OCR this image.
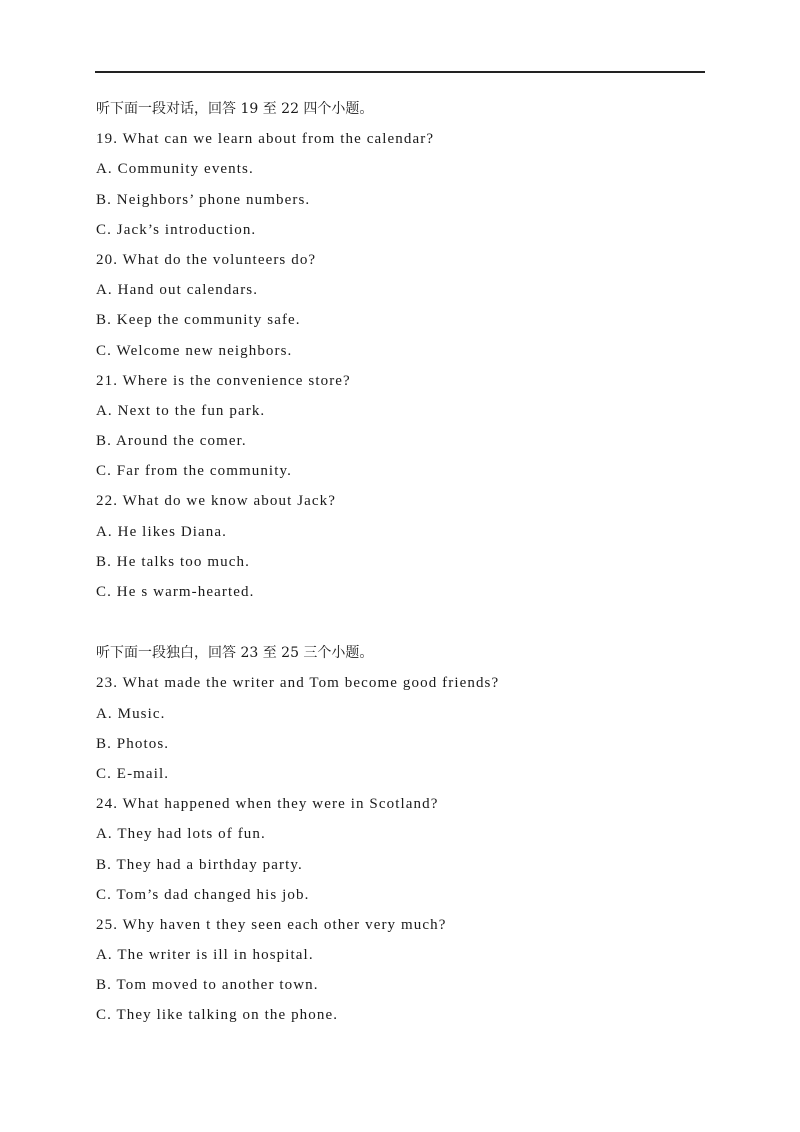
听下面一段对话，回答 19 至 22 四个小题。
19. What can we learn about from the calendar?
A. Community events.
B. Neighbors’ phone numbers.
C. Jack’s introduction.
20. What do the volunteers do?
A. Hand out calendars.
B. Keep the community safe.
C. Welcome new neighbors.
21. Where is the convenience store?
A. Next to the fun park.
B. Around the comer.
C. Far from the community.
22. What do we know about Jack?
A. He likes Diana.
B. He talks too much.
C. He s warm-hearted.
听下面一段独白，回答 23 至 25 三个小题。
23. What made the writer and Tom become good friends?
A. Music.
B. Photos.
C. E-mail.
24. What happened when they were in Scotland?
A. They had lots of fun.
B. They had a birthday party.
C. Tom’s dad changed his job.
25. Why haven t they seen each other very much?
A. The writer is ill in hospital.
B. Tom moved to another town.
C. They like talking on the phone.
